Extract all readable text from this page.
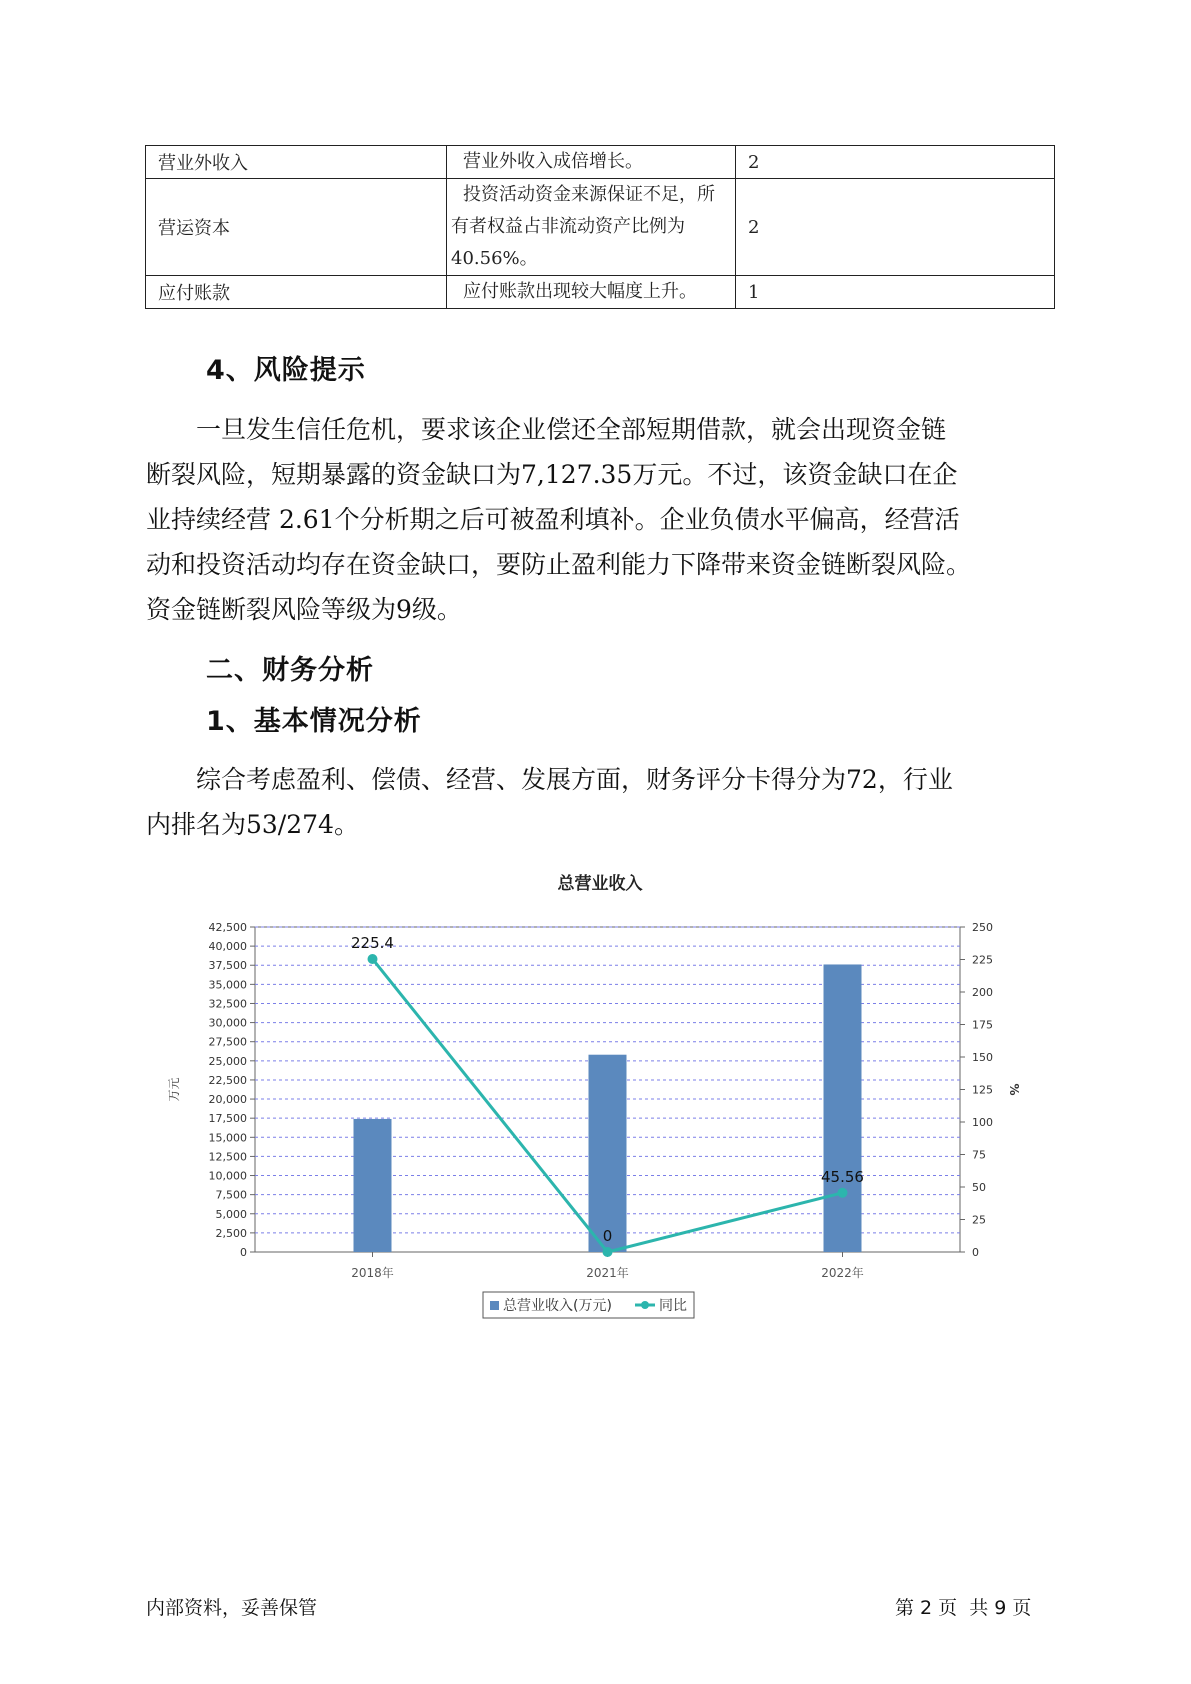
营业外收入	营业外收入成倍增长。	2
营运资本	投资活动资金来源保证不足，所
有者权益占非流动资产比例为
40.56%。	2
应付账款	应付账款出现较大幅度上升。	1
4、风险提示
一旦发生信任危机，要求该企业偿还全部短期借款，就会出现资金链
断裂风险，短期暴露的资金缺口为7,127.35万元。不过，该资金缺口在企
业持续经营 2.61个分析期之后可被盈利填补。企业负债水平偏高，经营活
动和投资活动均存在资金缺口，要防止盈利能力下降带来资金链断裂风险。
资金链断裂风险等级为9级。
二、财务分析
1、基本情况分析
综合考虑盈利、偿债、经营、发展方面，财务评分卡得分为72，行业
内排名为53/274。
总营业收入
0
2,500
5,000
7,500
10,000
12,500
15,000
17,500
20,000
22,500
25,000
27,500
30,000
32,500
35,000
37,500
40,000
42,500
0
25
50
75
100
125
150
175
200
225
250
万元	%
2018年	2021年	2022年
225.4
0
45.56
总营业收入(万元)	同比
内部资料，妥善保管	第 2 页  共 9 页
